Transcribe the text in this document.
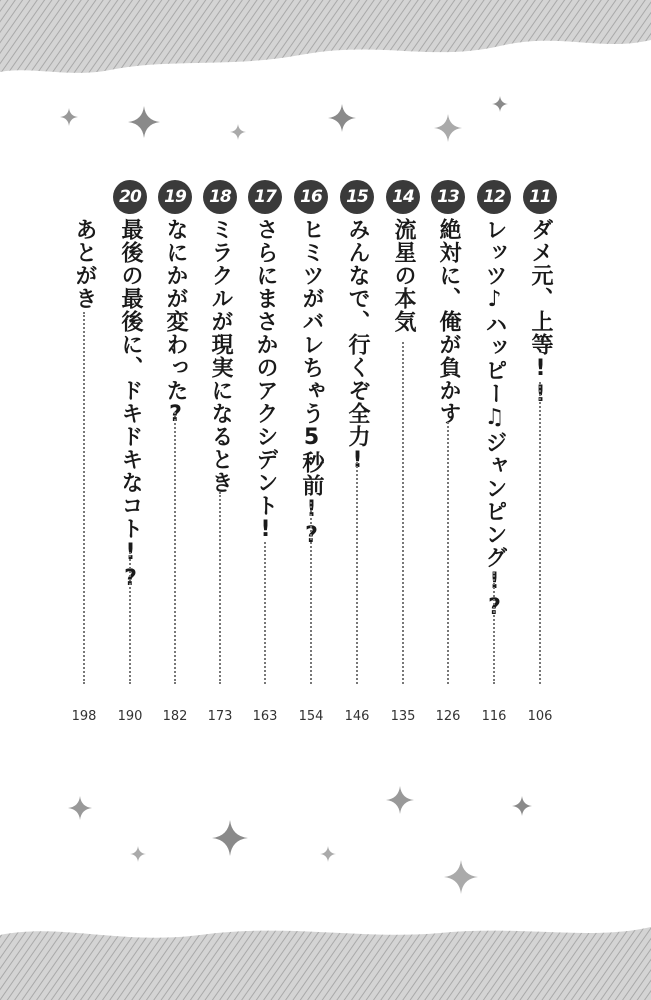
11
ダメ元、上等!!
106
12
レッツ♪ハッピー♫ジャンピング!?
116
13
絶対に、俺が負かす
126
14
流星の本気
135
15
みんなで、行くぞ全力!
146
16
ヒミツがバレちゃう5秒前!?
154
17
さらにまさかのアクシデント!
163
18
ミラクルが現実になるとき
173
19
なにかが変わった?
182
20
最後の最後に、ドキドキなコト!?
190
あとがき
198
